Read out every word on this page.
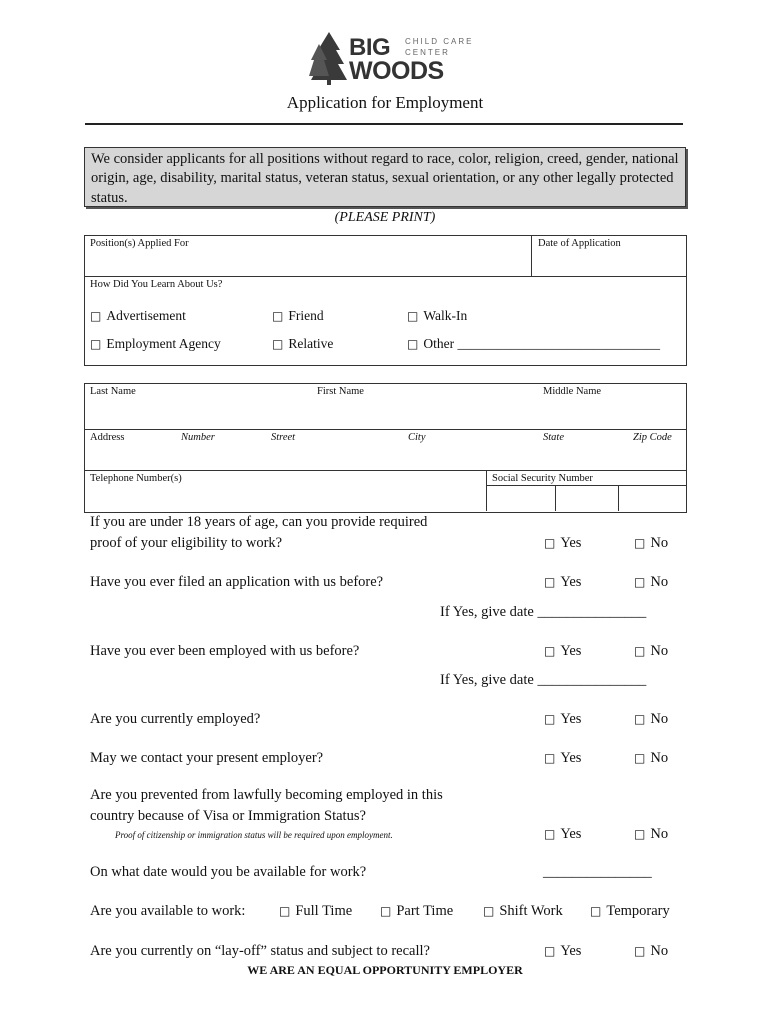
BIG CHILD CARE
CENTER
WOODS
Application for Employment
We consider applicants for all positions without regard to race, color, religion, creed, gender, national origin, age, disability, marital status, veteran status, sexual orientation, or any other legally protected status.
(PLEASE PRINT)
Position(s) Applied For	Date of Application
How Did You Learn About Us?
□ Advertisement	□ Friend	□ Walk-In
□ Employment Agency	□ Relative	□ Other ______________________________
Last Name	First Name	Middle Name
Address	Number	Street	City	State	Zip Code
Telephone Number(s)	Social Security Number
If you are under 18 years of age, can you provide required
proof of your eligibility to work?	□ Yes	□ No
Have you ever filed an application with us before?	□ Yes	□ No
If Yes, give date _______________
Have you ever been employed with us before?	□ Yes	□ No
If Yes, give date _______________
Are you currently employed?	□ Yes	□ No
May we contact your present employer?	□ Yes	□ No
Are you prevented from lawfully becoming employed in this
country because of Visa or Immigration Status?
Proof of citizenship or immigration status will be required upon employment.	□ Yes	□ No
On what date would you be available for work?	_______________
Are you available to work:	□ Full Time	□ Part Time	□ Shift Work	□ Temporary
Are you currently on “lay-off” status and subject to recall?	□ Yes	□ No
WE ARE AN EQUAL OPPORTUNITY EMPLOYER
